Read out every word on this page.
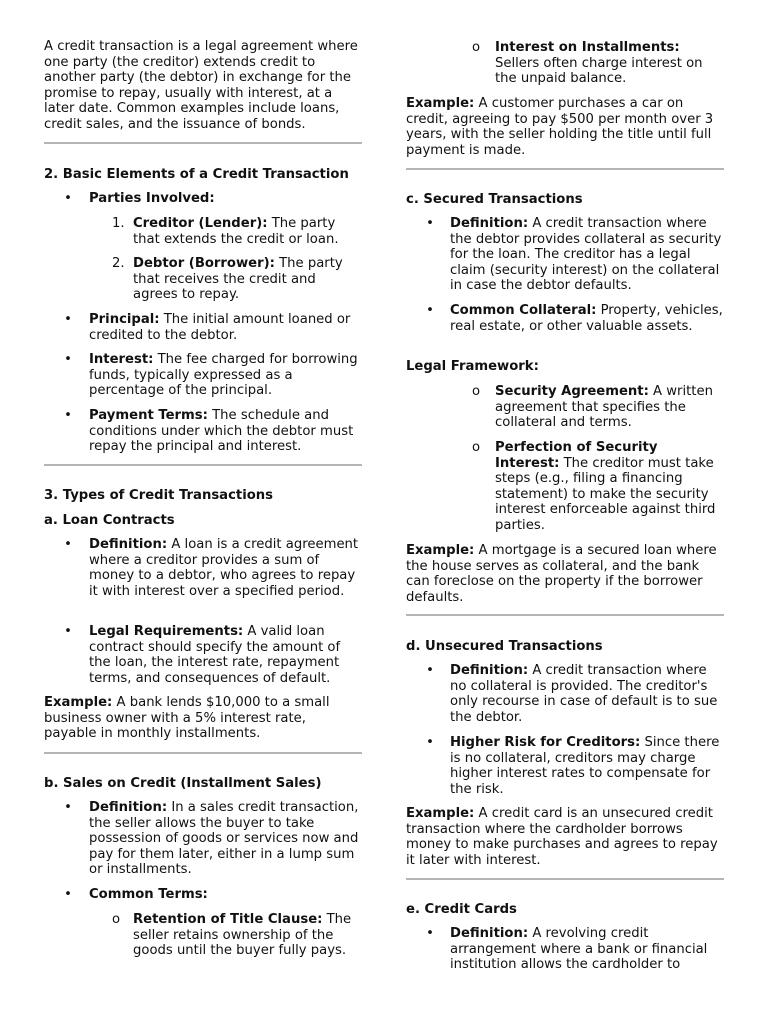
A credit transaction is a legal agreement where one party (the creditor) extends credit to another party (the debtor) in exchange for the promise to repay, usually with interest, at a later date. Common examples include loans, credit sales, and the issuance of bonds.

2. Basic Elements of a Credit Transaction

• Parties Involved:

1. Creditor (Lender): The party that extends the credit or loan.

2. Debtor (Borrower): The party that receives the credit and agrees to repay.

• Principal: The initial amount loaned or credited to the debtor.

• Interest: The fee charged for borrowing funds, typically expressed as a percentage of the principal.

• Payment Terms: The schedule and conditions under which the debtor must repay the principal and interest.

3. Types of Credit Transactions

a. Loan Contracts

• Definition: A loan is a credit agreement where a creditor provides a sum of money to a debtor, who agrees to repay it with interest over a specified period.

• Legal Requirements: A valid loan contract should specify the amount of the loan, the interest rate, repayment terms, and consequences of default.

Example: A bank lends $10,000 to a small business owner with a 5% interest rate, payable in monthly installments.

b. Sales on Credit (Installment Sales)

• Definition: In a sales credit transaction, the seller allows the buyer to take possession of goods or services now and pay for them later, either in a lump sum or installments.

• Common Terms:

o Retention of Title Clause: The seller retains ownership of the goods until the buyer fully pays.

o Interest on Installments: Sellers often charge interest on the unpaid balance.

Example: A customer purchases a car on credit, agreeing to pay $500 per month over 3 years, with the seller holding the title until full payment is made.

c. Secured Transactions

• Definition: A credit transaction where the debtor provides collateral as security for the loan. The creditor has a legal claim (security interest) on the collateral in case the debtor defaults.

• Common Collateral: Property, vehicles, real estate, or other valuable assets.

Legal Framework:

o Security Agreement: A written agreement that specifies the collateral and terms.

o Perfection of Security Interest: The creditor must take steps (e.g., filing a financing statement) to make the security interest enforceable against third parties.

Example: A mortgage is a secured loan where the house serves as collateral, and the bank can foreclose on the property if the borrower defaults.

d. Unsecured Transactions

• Definition: A credit transaction where no collateral is provided. The creditor's only recourse in case of default is to sue the debtor.

• Higher Risk for Creditors: Since there is no collateral, creditors may charge higher interest rates to compensate for the risk.

Example: A credit card is an unsecured credit transaction where the cardholder borrows money to make purchases and agrees to repay it later with interest.

e. Credit Cards

• Definition: A revolving credit arrangement where a bank or financial institution allows the cardholder to
